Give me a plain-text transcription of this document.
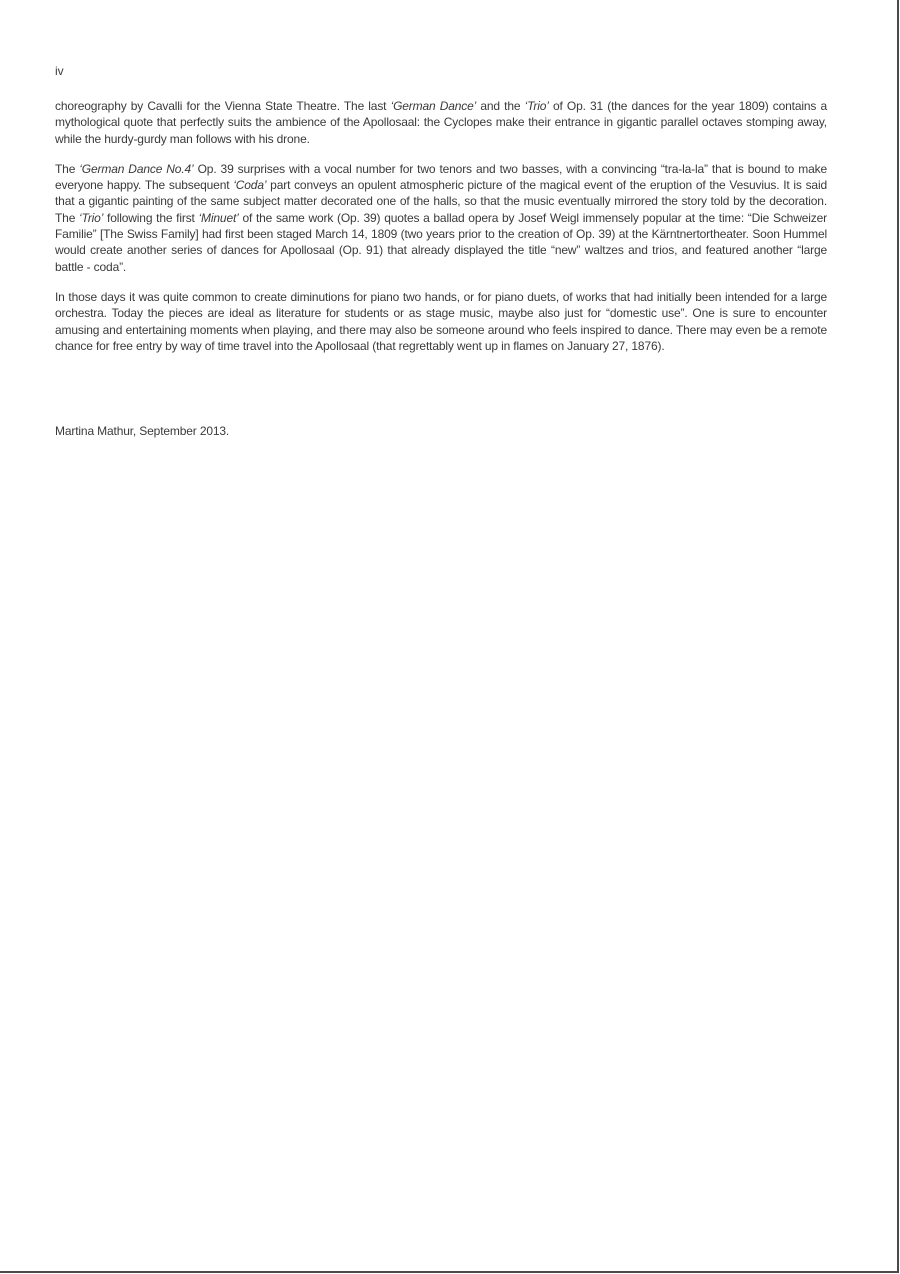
iv

choreography by Cavalli for the Vienna State Theatre. The last ‘German Dance’ and the ‘Trio’ of Op. 31 (the dances for the year 1809) contains a mythological quote that perfectly suits the ambience of the Apollosaal: the Cyclopes make their entrance in gigantic parallel octaves stomping away, while the hurdy-gurdy man follows with his drone.

The ‘German Dance No.4’ Op. 39 surprises with a vocal number for two tenors and two basses, with a convincing “tra-la-la” that is bound to make everyone happy. The subsequent ‘Coda’ part conveys an opulent atmospheric picture of the magical event of the eruption of the Vesuvius. It is said that a gigantic painting of the same subject matter decorated one of the halls, so that the music eventually mirrored the story told by the decoration. The ‘Trio’ following the first ‘Minuet’ of the same work (Op. 39) quotes a ballad opera by Josef Weigl immensely popular at the time: “Die Schweizer Familie” [The Swiss Family] had first been staged March 14, 1809 (two years prior to the creation of Op. 39) at the Kärntnertortheater. Soon Hummel would create another series of dances for Apollosaal (Op. 91) that already displayed the title “new” waltzes and trios, and featured another “large battle - coda”.

In those days it was quite common to create diminutions for piano two hands, or for piano duets, of works that had initially been intended for a large orchestra. Today the pieces are ideal as literature for students or as stage music, maybe also just for “domestic use”. One is sure to encounter amusing and entertaining moments when playing, and there may also be someone around who feels inspired to dance. There may even be a remote chance for free entry by way of time travel into the Apollosaal (that regrettably went up in flames on January 27, 1876).

Martina Mathur, September 2013.
